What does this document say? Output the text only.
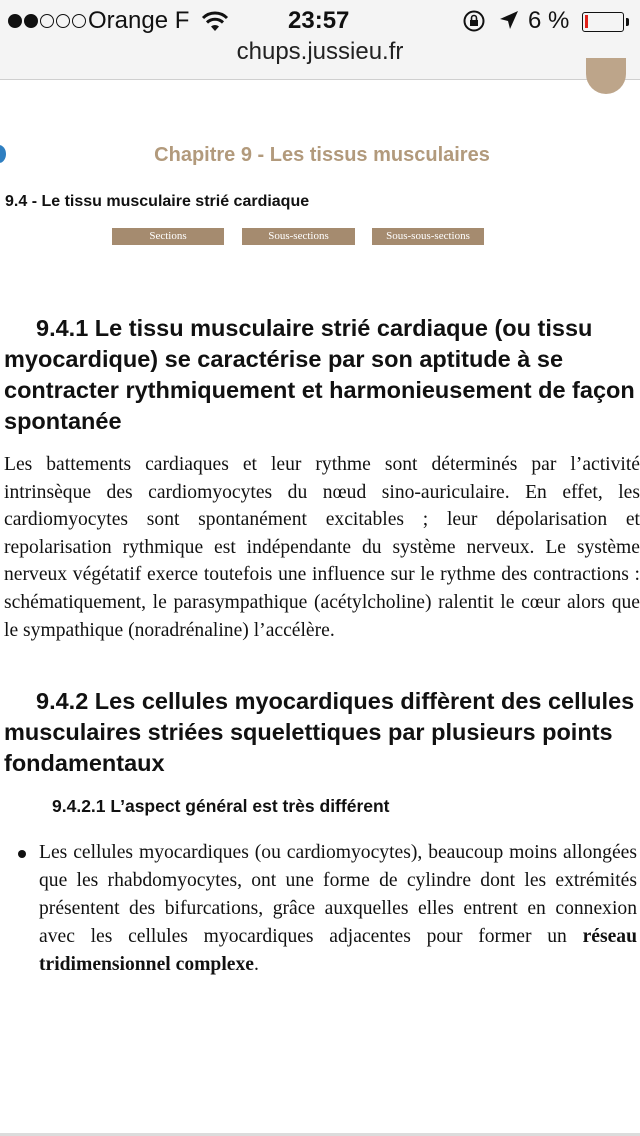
Orange F	23:57	6 %
chups.jussieu.fr
Chapitre 9 - Les tissus musculaires
9.4 - Le tissu musculaire strié cardiaque
Sections	Sous-sections	Sous-sous-sections
9.4.1 Le tissu musculaire strié cardiaque (ou tissu myocardique) se caractérise par son aptitude à se contracter rythmiquement et harmonieusement de façon spontanée

Les battements cardiaques et leur rythme sont déterminés par l’activité intrinsèque des cardiomyocytes du nœud sino-auriculaire. En effet, les cardiomyocytes sont spontanément excitables ; leur dépolarisation et repolarisation rythmique est indépendante du système nerveux. Le système nerveux végétatif exerce toutefois une influence sur le rythme des contractions : schématiquement, le parasympathique (acétylcholine) ralentit le cœur alors que le sympathique (noradrénaline) l’accélère.

9.4.2 Les cellules myocardiques diffèrent des cellules musculaires striées squelettiques par plusieurs points fondamentaux
9.4.2.1 L’aspect général est très différent

Les cellules myocardiques (ou cardiomyocytes), beaucoup moins allongées que les rhabdomyocytes, ont une forme de cylindre dont les extrémités présentent des bifurcations, grâce auxquelles elles entrent en connexion avec les cellules myocardiques adjacentes pour former un réseau tridimensionnel complexe.
